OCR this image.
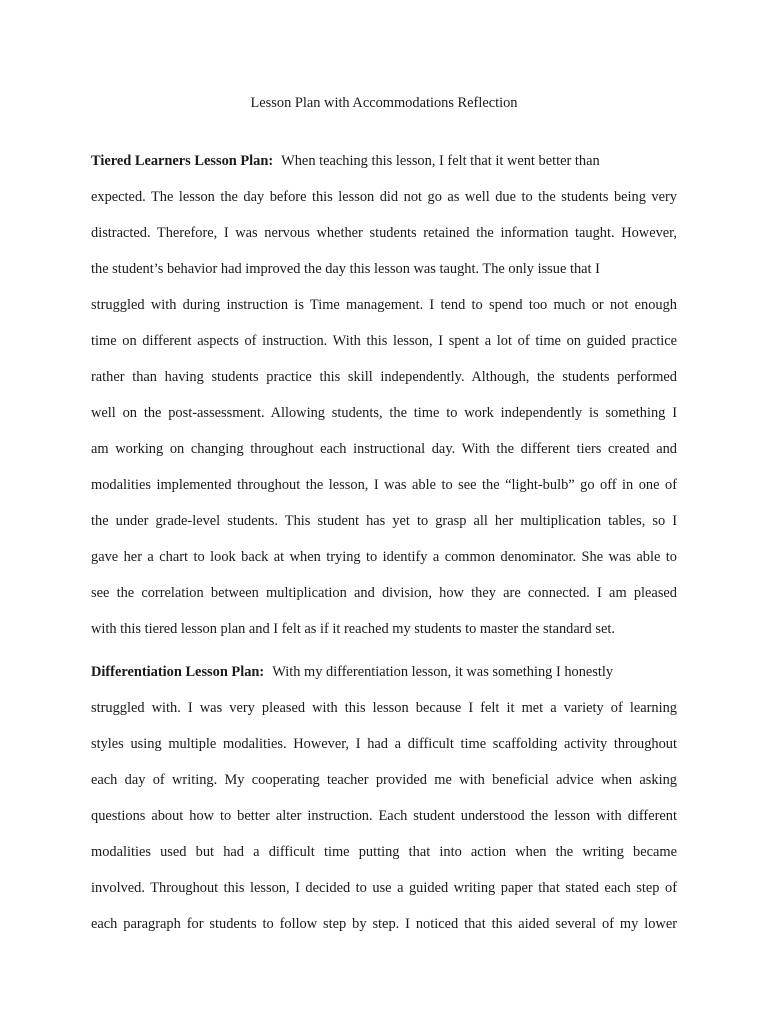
Lesson Plan with Accommodations Reflection
Tiered Learners Lesson Plan: When teaching this lesson, I felt that it went better than
expected. The lesson the day before this lesson did not go as well due to the students being very
distracted. Therefore, I was nervous whether students retained the information taught. However,
the student’s behavior had improved the day this lesson was taught. The only issue that I
struggled with during instruction is Time management. I tend to spend too much or not enough
time on different aspects of instruction. With this lesson, I spent a lot of time on guided practice
rather than having students practice this skill independently. Although, the students performed
well on the post-assessment. Allowing students, the time to work independently is something I
am working on changing throughout each instructional day. With the different tiers created and
modalities implemented throughout the lesson, I was able to see the “light-bulb” go off in one of
the under grade-level students. This student has yet to grasp all her multiplication tables, so I
gave her a chart to look back at when trying to identify a common denominator. She was able to
see the correlation between multiplication and division, how they are connected. I am pleased
with this tiered lesson plan and I felt as if it reached my students to master the standard set.
Differentiation Lesson Plan: With my differentiation lesson, it was something I honestly
struggled with. I was very pleased with this lesson because I felt it met a variety of learning
styles using multiple modalities. However, I had a difficult time scaffolding activity throughout
each day of writing. My cooperating teacher provided me with beneficial advice when asking
questions about how to better alter instruction. Each student understood the lesson with different
modalities used but had a difficult time putting that into action when the writing became
involved. Throughout this lesson, I decided to use a guided writing paper that stated each step of
each paragraph for students to follow step by step. I noticed that this aided several of my lower
